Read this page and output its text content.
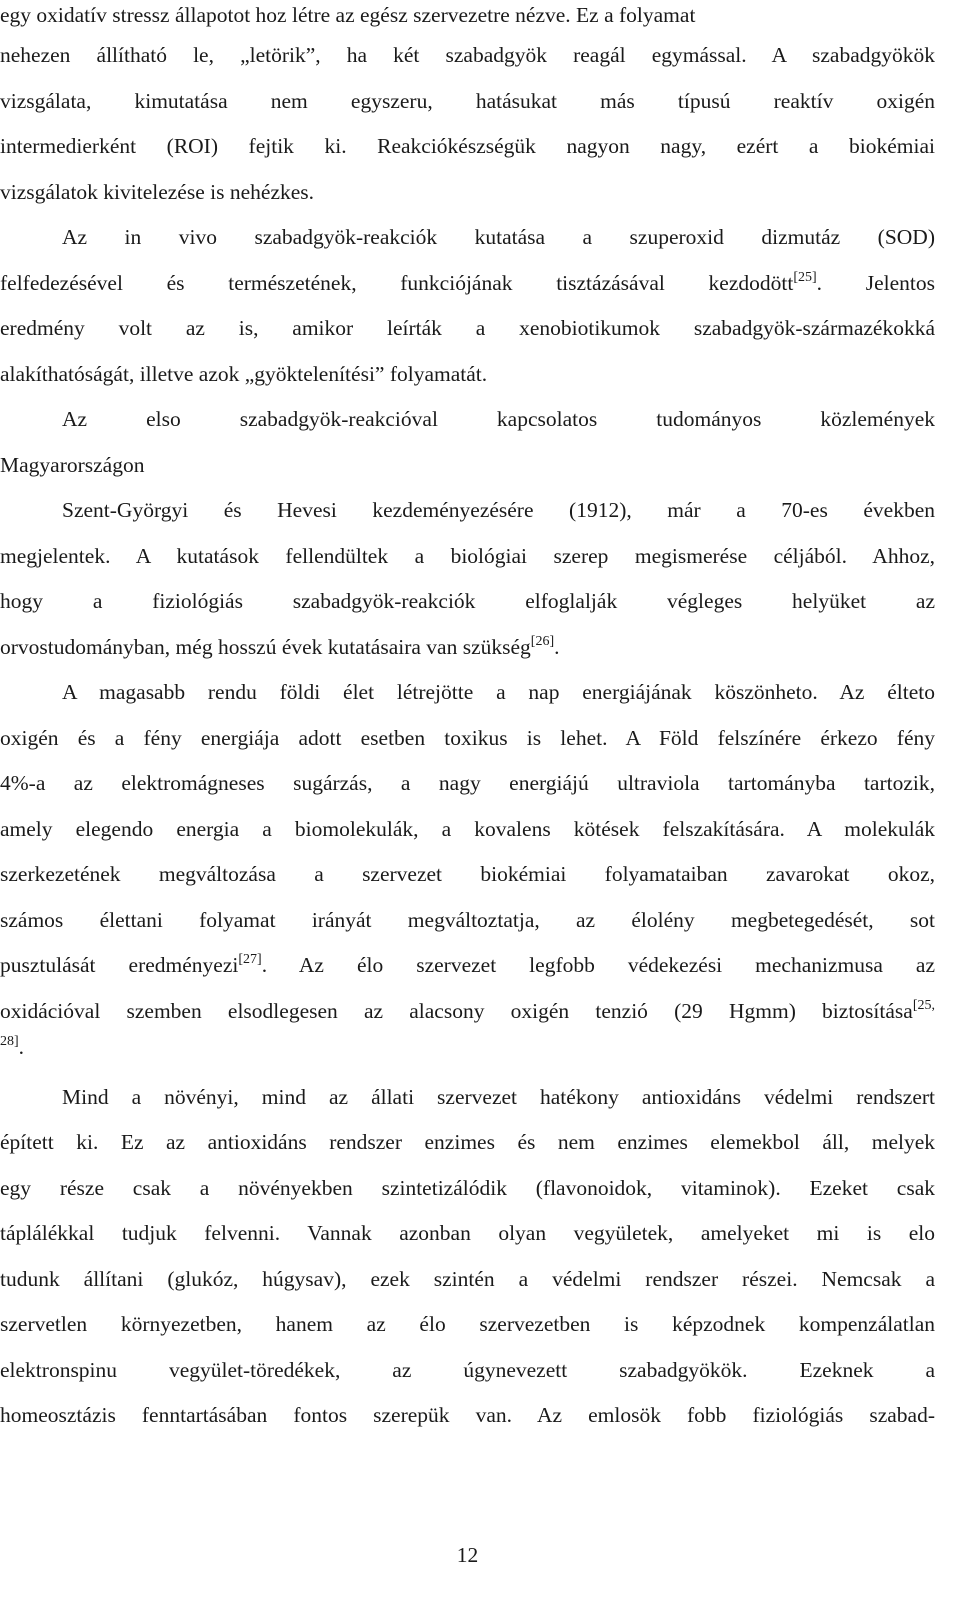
egy oxidatív stressz állapotot hoz létre az egész szervezetre nézve. Ez a folyamat
nehezen állítható le, „letörik”, ha két szabadgyök reagál egymással. A szabadgyökök
vizsgálata, kimutatása nem egyszeru, hatásukat más típusú reaktív oxigén
intermedierként (ROI) fejtik ki. Reakciókészségük nagyon nagy, ezért a biokémiai
vizsgálatok kivitelezése is nehézkes.
Az in vivo szabadgyök-reakciók kutatása a szuperoxid dizmutáz (SOD)
felfedezésével és természetének, funkciójának tisztázásával kezdodött[25]. Jelentos
eredmény volt az is, amikor leírták a xenobiotikumok szabadgyök-származékokká
alakíthatóságát, illetve azok „gyöktelenítési” folyamatát.
Az elso szabadgyök-reakcióval kapcsolatos tudományos közlemények
Magyarországon
Szent-Györgyi és Hevesi kezdeményezésére (1912), már a 70-es években
megjelentek. A kutatások fellendültek a biológiai szerep megismerése céljából. Ahhoz,
hogy a fiziológiás szabadgyök-reakciók elfoglalják végleges helyüket az
orvostudományban, még hosszú évek kutatásaira van szükség[26].
A magasabb rendu földi élet létrejötte a nap energiájának köszönheto. Az élteto
oxigén és a fény energiája adott esetben toxikus is lehet. A Föld felszínére érkezo fény
4%-a az elektromágneses sugárzás, a nagy energiájú ultraviola tartományba tartozik,
amely elegendo energia a biomolekulák, a kovalens kötések felszakítására. A molekulák
szerkezetének megváltozása a szervezet biokémiai folyamataiban zavarokat okoz,
számos élettani folyamat irányát megváltoztatja, az élolény megbetegedését, sot
pusztulását eredményezi[27]. Az élo szervezet legfobb védekezési mechanizmusa az
oxidációval szemben elsodlegesen az alacsony oxigén tenzió (29 Hgmm) biztosítása$^{[25,}$
$^{28]}$.
Mind a növényi, mind az állati szervezet hatékony antioxidáns védelmi rendszert
épített ki. Ez az antioxidáns rendszer enzimes és nem enzimes elemekbol áll, melyek
egy része csak a növényekben szintetizálódik (flavonoidok, vitaminok). Ezeket csak
táplálékkal tudjuk felvenni. Vannak azonban olyan vegyületek, amelyeket mi is elo
tudunk állítani (glukóz, húgysav), ezek szintén a védelmi rendszer részei. Nemcsak a
szervetlen környezetben, hanem az élo szervezetben is képzodnek kompenzálatlan
elektronspinu vegyület-töredékek, az úgynevezett szabadgyökök. Ezeknek a
homeosztázis fenntartásában fontos szerepük van. Az emlosök fobb fiziológiás szabad-
12
